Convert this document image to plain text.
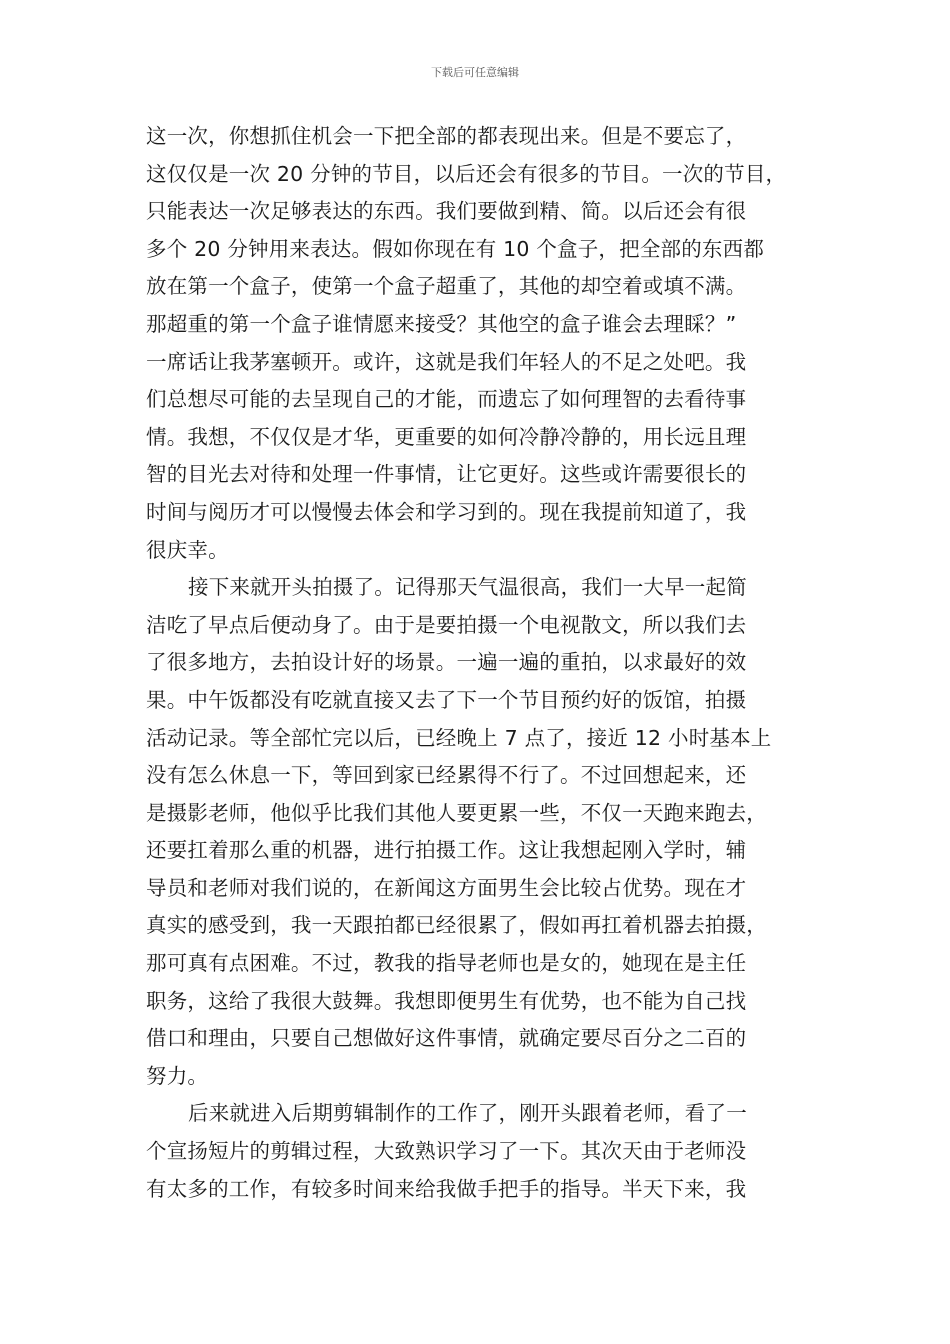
下载后可任意编辑
这一次，你想抓住机会一下把全部的都表现出来。但是不要忘了，
这仅仅是一次 20 分钟的节目，以后还会有很多的节目。一次的节目，
只能表达一次足够表达的东西。我们要做到精、简。以后还会有很
多个 20 分钟用来表达。假如你现在有 10 个盒子，把全部的东西都
放在第一个盒子，使第一个盒子超重了，其他的却空着或填不满。
那超重的第一个盒子谁情愿来接受？其他空的盒子谁会去理睬？”
一席话让我茅塞顿开。或许，这就是我们年轻人的不足之处吧。我
们总想尽可能的去呈现自己的才能，而遗忘了如何理智的去看待事
情。我想，不仅仅是才华，更重要的如何冷静冷静的，用长远且理
智的目光去对待和处理一件事情，让它更好。这些或许需要很长的
时间与阅历才可以慢慢去体会和学习到的。现在我提前知道了，我
很庆幸。
接下来就开头拍摄了。记得那天气温很高，我们一大早一起简
洁吃了早点后便动身了。由于是要拍摄一个电视散文，所以我们去
了很多地方，去拍设计好的场景。一遍一遍的重拍，以求最好的效
果。中午饭都没有吃就直接又去了下一个节目预约好的饭馆，拍摄
活动记录。等全部忙完以后，已经晚上 7 点了，接近 12 小时基本上
没有怎么休息一下，等回到家已经累得不行了。不过回想起来，还
是摄影老师，他似乎比我们其他人要更累一些，不仅一天跑来跑去，
还要扛着那么重的机器，进行拍摄工作。这让我想起刚入学时，辅
导员和老师对我们说的，在新闻这方面男生会比较占优势。现在才
真实的感受到，我一天跟拍都已经很累了，假如再扛着机器去拍摄，
那可真有点困难。不过，教我的指导老师也是女的，她现在是主任
职务，这给了我很大鼓舞。我想即便男生有优势，也不能为自己找
借口和理由，只要自己想做好这件事情，就确定要尽百分之二百的
努力。
后来就进入后期剪辑制作的工作了，刚开头跟着老师，看了一
个宣扬短片的剪辑过程，大致熟识学习了一下。其次天由于老师没
有太多的工作，有较多时间来给我做手把手的指导。半天下来，我
